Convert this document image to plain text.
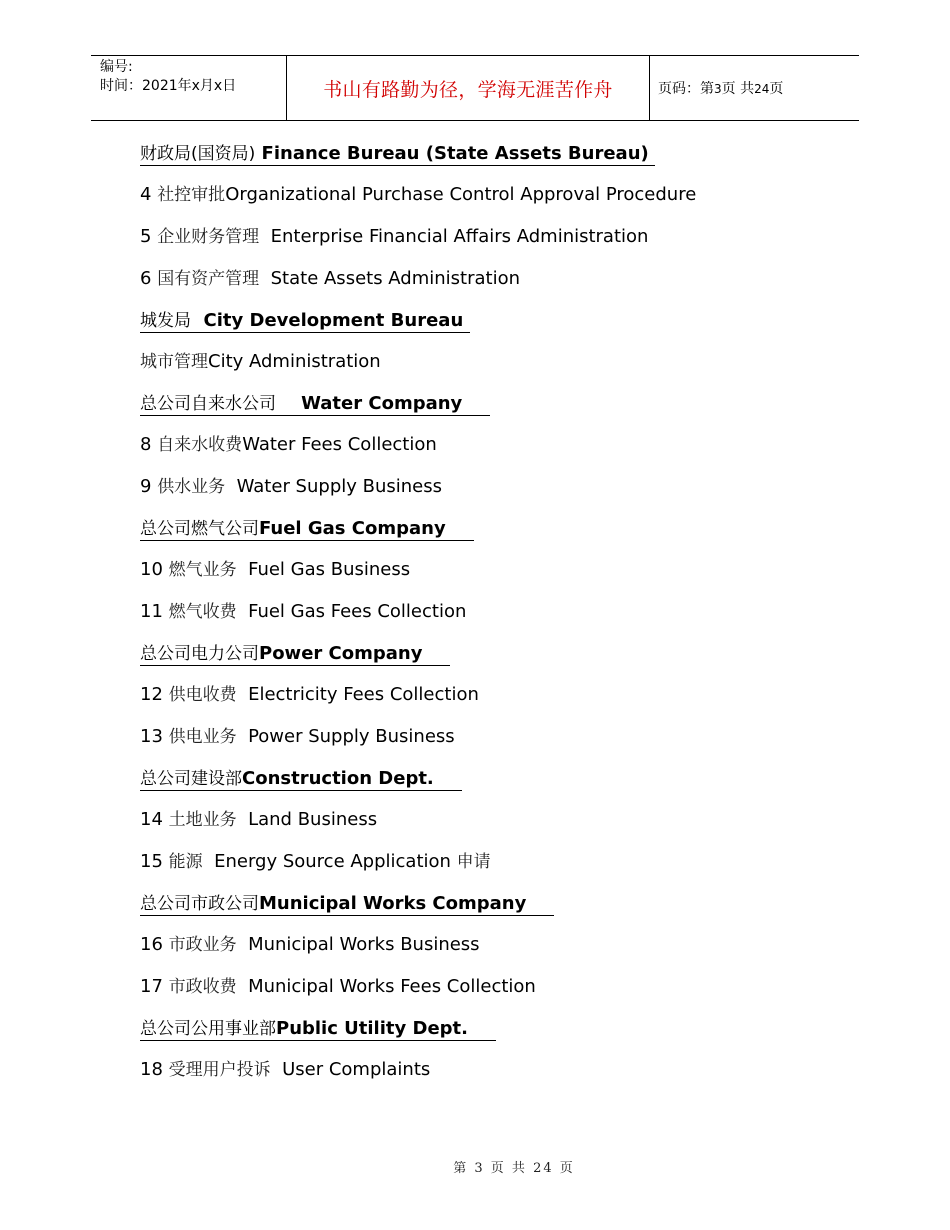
编号:
时间：2021年x月x日	书山有路勤为径，学海无涯苦作舟	页码：第3页 共24页
财政局(国资局) Finance Bureau (State Assets Bureau)
4 社控审批Organizational Purchase Control Approval Procedure
5 企业财务管理  Enterprise Financial Affairs Administration
6 国有资产管理  State Assets Administration
城发局  City Development Bureau
城市管理City Administration
总公司自来水公司    Water Company
8 自来水收费Water Fees Collection
9 供水业务  Water Supply Business
总公司燃气公司Fuel Gas Company
10 燃气业务  Fuel Gas Business
11 燃气收费  Fuel Gas Fees Collection
总公司电力公司Power Company
12 供电收费  Electricity Fees Collection
13 供电业务  Power Supply Business
总公司建设部Construction Dept.
14 土地业务  Land Business
15 能源  Energy Source Application 申请
总公司市政公司Municipal Works Company
16 市政业务  Municipal Works Business
17 市政收费  Municipal Works Fees Collection
总公司公用事业部Public Utility Dept.
18 受理用户投诉  User Complaints
第 3 页 共 24 页
